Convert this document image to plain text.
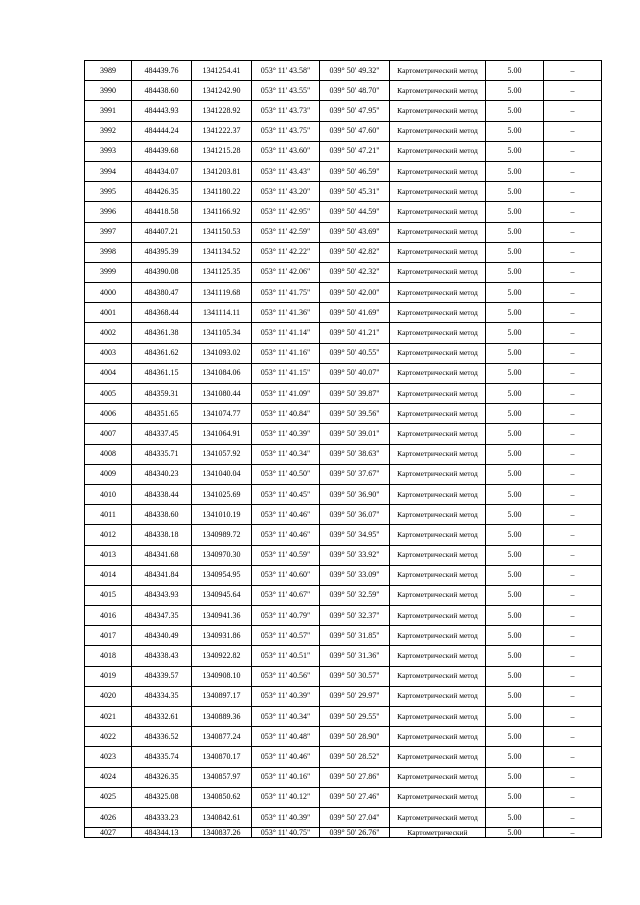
3989	484439.76	1341254.41	053° 11' 43.58"	039° 50' 49.32"	Картометрический метод	5.00	–
3990	484438.60	1341242.90	053° 11' 43.55"	039° 50' 48.70"	Картометрический метод	5.00	–
3991	484443.93	1341228.92	053° 11' 43.73"	039° 50' 47.95"	Картометрический метод	5.00	–
3992	484444.24	1341222.37	053° 11' 43.75"	039° 50' 47.60"	Картометрический метод	5.00	–
3993	484439.68	1341215.28	053° 11' 43.60"	039° 50' 47.21"	Картометрический метод	5.00	–
3994	484434.07	1341203.81	053° 11' 43.43"	039° 50' 46.59"	Картометрический метод	5.00	–
3995	484426.35	1341180.22	053° 11' 43.20"	039° 50' 45.31"	Картометрический метод	5.00	–
3996	484418.58	1341166.92	053° 11' 42.95"	039° 50' 44.59"	Картометрический метод	5.00	–
3997	484407.21	1341150.53	053° 11' 42.59"	039° 50' 43.69"	Картометрический метод	5.00	–
3998	484395.39	1341134.52	053° 11' 42.22"	039° 50' 42.82"	Картометрический метод	5.00	–
3999	484390.08	1341125.35	053° 11' 42.06"	039° 50' 42.32"	Картометрический метод	5.00	–
4000	484380.47	1341119.68	053° 11' 41.75"	039° 50' 42.00"	Картометрический метод	5.00	–
4001	484368.44	1341114.11	053° 11' 41.36"	039° 50' 41.69"	Картометрический метод	5.00	–
4002	484361.38	1341105.34	053° 11' 41.14"	039° 50' 41.21"	Картометрический метод	5.00	–
4003	484361.62	1341093.02	053° 11' 41.16"	039° 50' 40.55"	Картометрический метод	5.00	–
4004	484361.15	1341084.06	053° 11' 41.15"	039° 50' 40.07"	Картометрический метод	5.00	–
4005	484359.31	1341080.44	053° 11' 41.09"	039° 50' 39.87"	Картометрический метод	5.00	–
4006	484351.65	1341074.77	053° 11' 40.84"	039° 50' 39.56"	Картометрический метод	5.00	–
4007	484337.45	1341064.91	053° 11' 40.39"	039° 50' 39.01"	Картометрический метод	5.00	–
4008	484335.71	1341057.92	053° 11' 40.34"	039° 50' 38.63"	Картометрический метод	5.00	–
4009	484340.23	1341040.04	053° 11' 40.50"	039° 50' 37.67"	Картометрический метод	5.00	–
4010	484338.44	1341025.69	053° 11' 40.45"	039° 50' 36.90"	Картометрический метод	5.00	–
4011	484338.60	1341010.19	053° 11' 40.46"	039° 50' 36.07"	Картометрический метод	5.00	–
4012	484338.18	1340989.72	053° 11' 40.46"	039° 50' 34.95"	Картометрический метод	5.00	–
4013	484341.68	1340970.30	053° 11' 40.59"	039° 50' 33.92"	Картометрический метод	5.00	–
4014	484341.84	1340954.95	053° 11' 40.60"	039° 50' 33.09"	Картометрический метод	5.00	–
4015	484343.93	1340945.64	053° 11' 40.67"	039° 50' 32.59"	Картометрический метод	5.00	–
4016	484347.35	1340941.36	053° 11' 40.79"	039° 50' 32.37"	Картометрический метод	5.00	–
4017	484340.49	1340931.86	053° 11' 40.57"	039° 50' 31.85"	Картометрический метод	5.00	–
4018	484338.43	1340922.82	053° 11' 40.51"	039° 50' 31.36"	Картометрический метод	5.00	–
4019	484339.57	1340908.10	053° 11' 40.56"	039° 50' 30.57"	Картометрический метод	5.00	–
4020	484334.35	1340897.17	053° 11' 40.39"	039° 50' 29.97"	Картометрический метод	5.00	–
4021	484332.61	1340889.36	053° 11' 40.34"	039° 50' 29.55"	Картометрический метод	5.00	–
4022	484336.52	1340877.24	053° 11' 40.48"	039° 50' 28.90"	Картометрический метод	5.00	–
4023	484335.74	1340870.17	053° 11' 40.46"	039° 50' 28.52"	Картометрический метод	5.00	–
4024	484326.35	1340857.97	053° 11' 40.16"	039° 50' 27.86"	Картометрический метод	5.00	–
4025	484325.08	1340850.62	053° 11' 40.12"	039° 50' 27.46"	Картометрический метод	5.00	–
4026	484333.23	1340842.61	053° 11' 40.39"	039° 50' 27.04"	Картометрический метод	5.00	–
4027	484344.13	1340837.26	053° 11' 40.75"	039° 50' 26.76"	Картометрический	5.00	–
